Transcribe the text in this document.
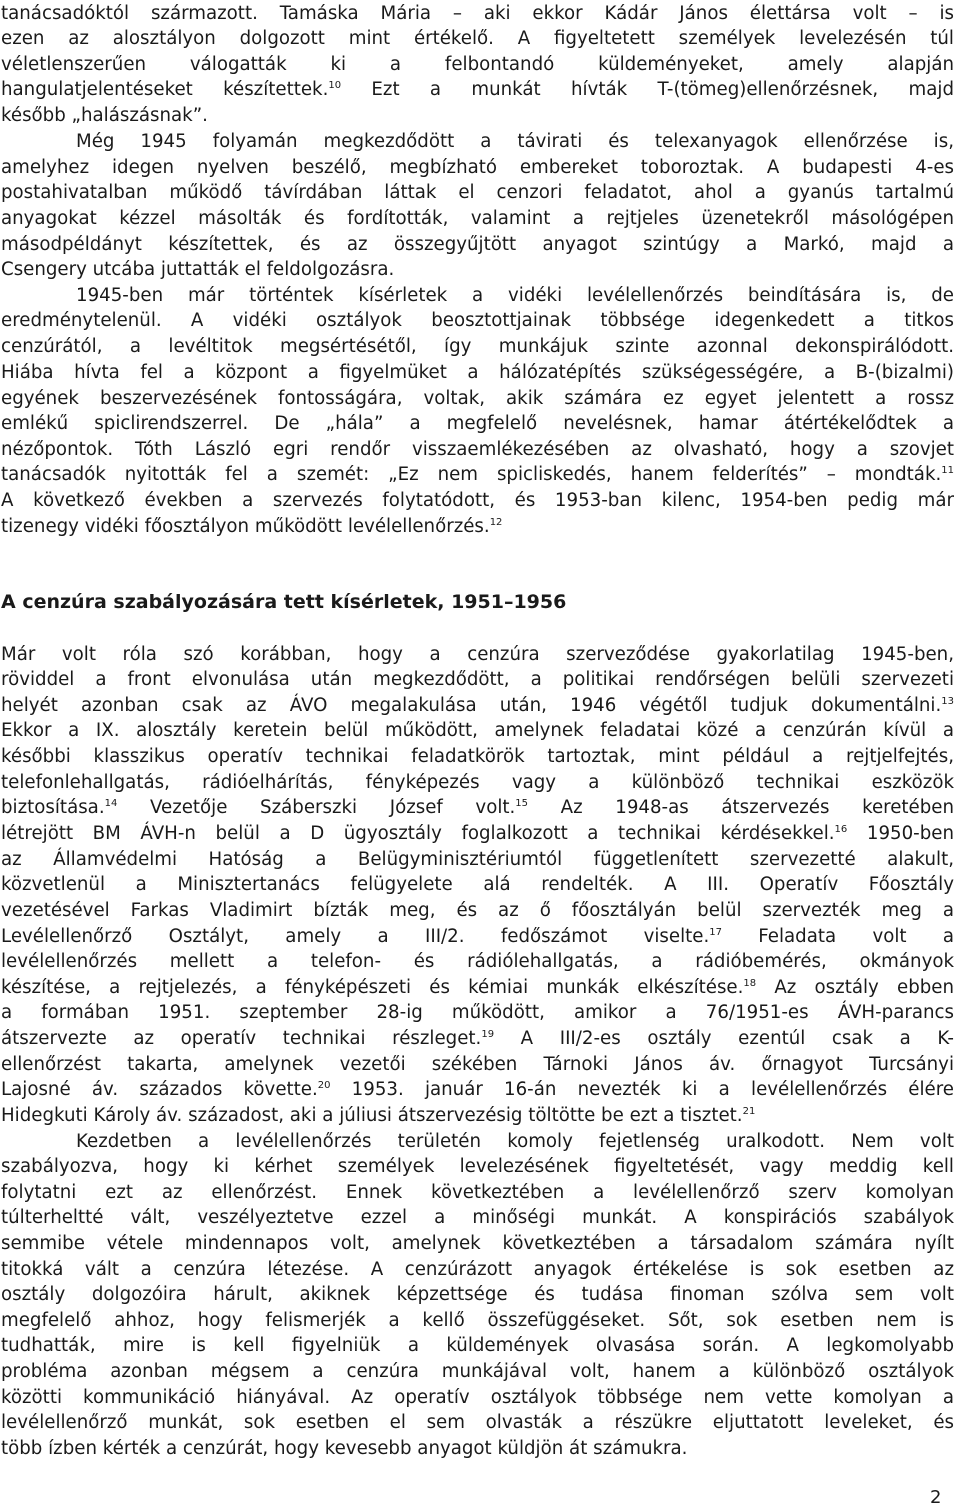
tanácsadóktól származott. Tamáska Mária – aki ekkor Kádár János élettársa volt – is
ezen az alosztályon dolgozott mint értékelő. A figyeltetett személyek levelezésén túl
véletlenszerűen válogatták ki a felbontandó küldeményeket, amely alapján
hangulatjelentéseket készítettek.$^{10}$ Ezt a munkát hívták T-(tömeg)ellenőrzésnek, majd
később „halászásnak”.
Még 1945 folyamán megkezdődött a távirati és telexanyagok ellenőrzése is,
amelyhez idegen nyelven beszélő, megbízható embereket toboroztak. A budapesti 4-es
postahivatalban működő távírdában láttak el cenzori feladatot, ahol a gyanús tartalmú
anyagokat kézzel másolták és fordították, valamint a rejtjeles üzenetekről másológépen
másodpéldányt készítettek, és az összegyűjtött anyagot szintúgy a Markó, majd a
Csengery utcába juttatták el feldolgozásra.
1945-ben már történtek kísérletek a vidéki levélellenőrzés beindítására is, de
eredménytelenül. A vidéki osztályok beosztottjainak többsége idegenkedett a titkos
cenzúrától, a levéltitok megsértésétől, így munkájuk szinte azonnal dekonspirálódott.
Hiába hívta fel a központ a figyelmüket a hálózatépítés szükségességére, a B-(bizalmi)
egyének beszervezésének fontosságára, voltak, akik számára ez egyet jelentett a rossz
emlékű spiclirendszerrel. De „hála” a megfelelő nevelésnek, hamar átértékelődtek a
nézőpontok. Tóth László egri rendőr visszaemlékezésében az olvasható, hogy a szovjet
tanácsadók nyitották fel a szemét: „Ez nem spicliskedés, hanem felderítés” – mondták.$^{11}$
A következő években a szervezés folytatódott, és 1953-ban kilenc, 1954-ben pedig már
tizenegy vidéki főosztályon működött levélellenőrzés.$^{12}$
A cenzúra szabályozására tett kísérletek, 1951–1956
Már volt róla szó korábban, hogy a cenzúra szerveződése gyakorlatilag 1945-ben,
röviddel a front elvonulása után megkezdődött, a politikai rendőrségen belüli szervezeti
helyét azonban csak az ÁVO megalakulása után, 1946 végétől tudjuk dokumentálni.$^{13}$
Ekkor a IX. alosztály keretein belül működött, amelynek feladatai közé a cenzúrán kívül a
későbbi klasszikus operatív technikai feladatkörök tartoztak, mint például a rejtjelfejtés,
telefonlehallgatás, rádióelhárítás, fényképezés vagy a különböző technikai eszközök
biztosítása.$^{14}$ Vezetője Száberszki József volt.$^{15}$ Az 1948-as átszervezés keretében
létrejött BM ÁVH-n belül a D ügyosztály foglalkozott a technikai kérdésekkel.$^{16}$ 1950-ben
az Államvédelmi Hatóság a Belügyminisztériumtól függetlenített szervezetté alakult,
közvetlenül a Minisztertanács felügyelete alá rendelték. A III. Operatív Főosztály
vezetésével Farkas Vladimirt bízták meg, és az ő főosztályán belül szervezték meg a
Levélellenőrző Osztályt, amely a III/2. fedőszámot viselte.$^{17}$ Feladata volt a
levélellenőrzés mellett a telefon- és rádiólehallgatás, a rádióbemérés, okmányok
készítése, a rejtjelezés, a fényképészeti és kémiai munkák elkészítése.$^{18}$ Az osztály ebben
a formában 1951. szeptember 28-ig működött, amikor a 76/1951-es ÁVH-parancs
átszervezte az operatív technikai részleget.$^{19}$ A III/2-es osztály ezentúl csak a K-
ellenőrzést takarta, amelynek vezetői székében Tárnoki János áv. őrnagyot Turcsányi
Lajosné áv. százados követte.$^{20}$ 1953. január 16-án nevezték ki a levélellenőrzés élére
Hidegkuti Károly áv. századost, aki a júliusi átszervezésig töltötte be ezt a tisztet.$^{21}$
Kezdetben a levélellenőrzés területén komoly fejetlenség uralkodott. Nem volt
szabályozva, hogy ki kérhet személyek levelezésének figyeltetését, vagy meddig kell
folytatni ezt az ellenőrzést. Ennek következtében a levélellenőrző szerv komolyan
túlterheltté vált, veszélyeztetve ezzel a minőségi munkát. A konspirációs szabályok
semmibe vétele mindennapos volt, amelynek következtében a társadalom számára nyílt
titokká vált a cenzúra létezése. A cenzúrázott anyagok értékelése is sok esetben az
osztály dolgozóira hárult, akiknek képzettsége és tudása finoman szólva sem volt
megfelelő ahhoz, hogy felismerjék a kellő összefüggéseket. Sőt, sok esetben nem is
tudhatták, mire is kell figyelniük a küldemények olvasása során. A legkomolyabb
probléma azonban mégsem a cenzúra munkájával volt, hanem a különböző osztályok
közötti kommunikáció hiányával. Az operatív osztályok többsége nem vette komolyan a
levélellenőrző munkát, sok esetben el sem olvasták a részükre eljuttatott leveleket, és
több ízben kérték a cenzúrát, hogy kevesebb anyagot küldjön át számukra.
2
